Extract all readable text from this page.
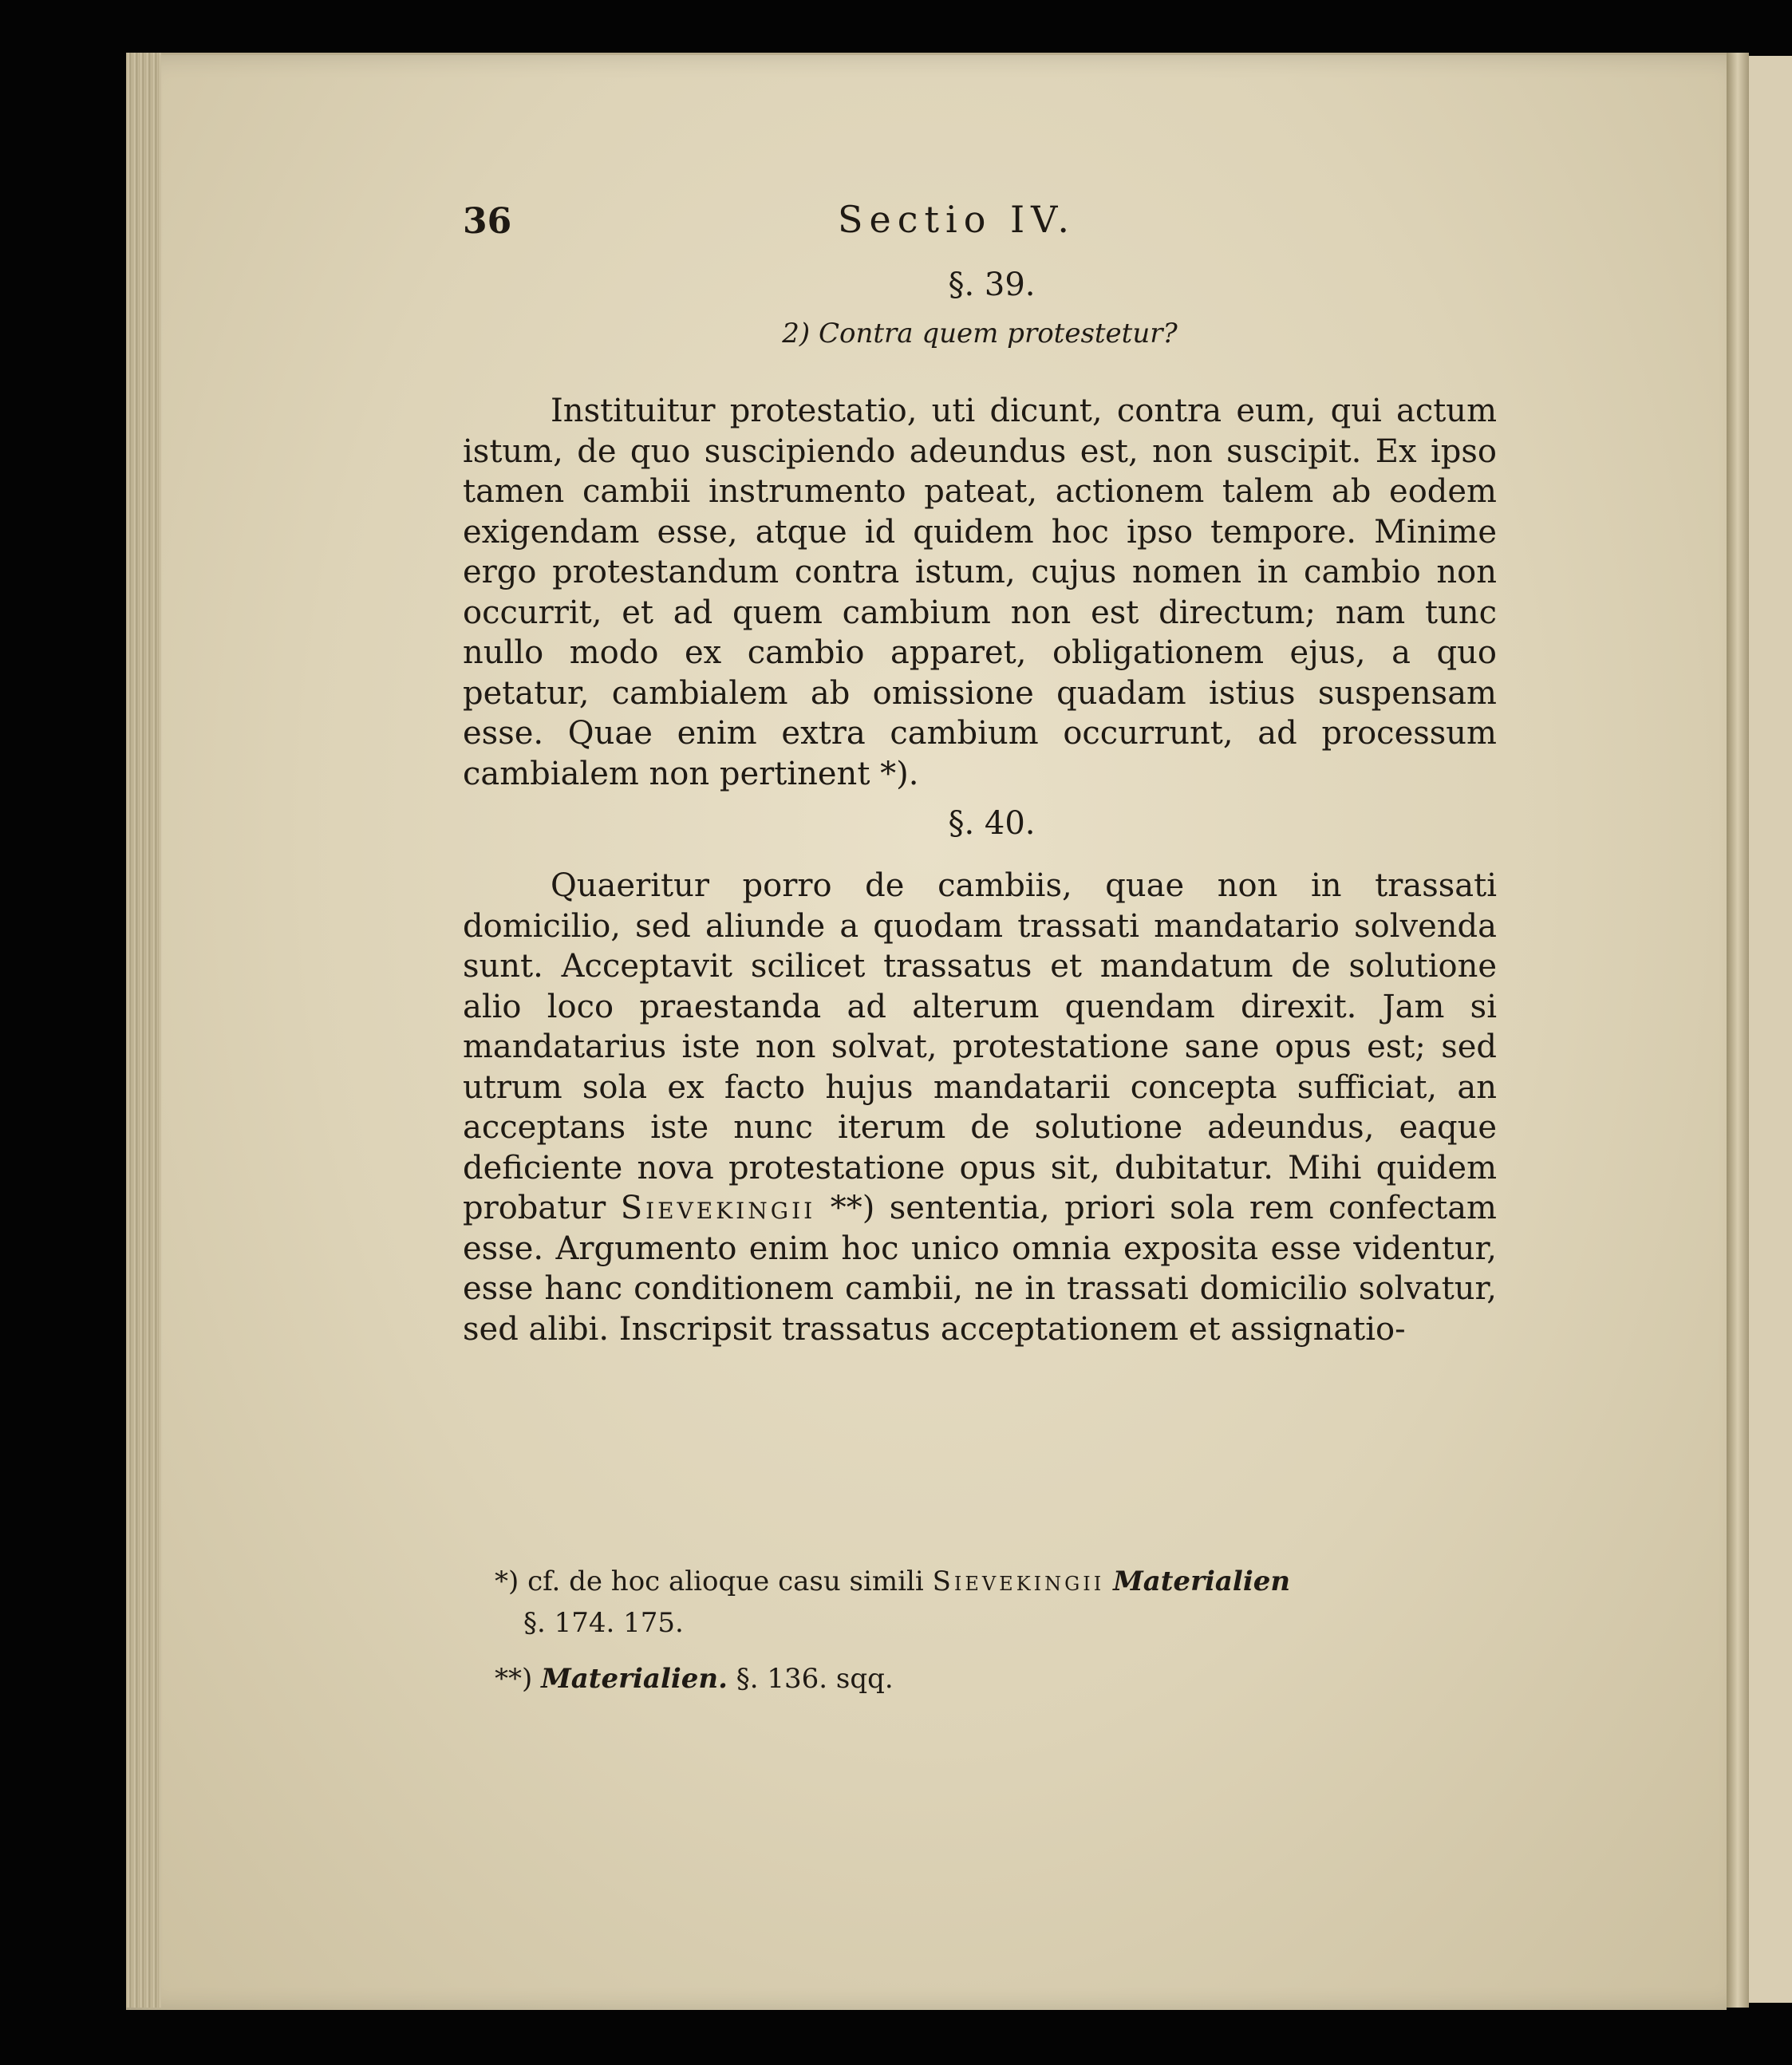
36	Sectio IV.
§. 39.
2) Contra quem protestetur?

Instituitur protestatio, uti dicunt, contra eum, qui actum istum, de quo suscipiendo adeundus est, non suscipit. Ex ipso tamen cambii instrumento pateat, actionem talem ab eodem exigendam esse, atque id quidem hoc ipso tempore. Minime ergo protestandum contra istum, cujus nomen in cambio non occurrit, et ad quem cambium non est directum; nam tunc nullo modo ex cambio apparet, obligationem ejus, a quo petatur, cambialem ab omissione quadam istius suspensam esse. Quae enim extra cambium occurrunt, ad processum cambialem non pertinent *).

§. 40.

Quaeritur porro de cambiis, quae non in trassati domicilio, sed aliunde a quodam trassati mandatario solvenda sunt. Acceptavit scilicet trassatus et mandatum de solutione alio loco praestanda ad alterum quendam direxit. Jam si mandatarius iste non solvat, protestatione sane opus est; sed utrum sola ex facto hujus mandatarii concepta sufficiat, an acceptans iste nunc iterum de solutione adeundus, eaque deficiente nova protestatione opus sit, dubitatur. Mihi quidem probatur Sievekingii **) sententia, priori sola rem confectam esse. Argumento enim hoc unico omnia exposita esse videntur, esse hanc conditionem cambii, ne in trassati domicilio solvatur, sed alibi. Inscripsit trassatus acceptationem et assignatio-

*) cf. de hoc alioque casu simili Sievekingii Materialien
§. 174. 175.

**) Materialien. §. 136. sqq.
